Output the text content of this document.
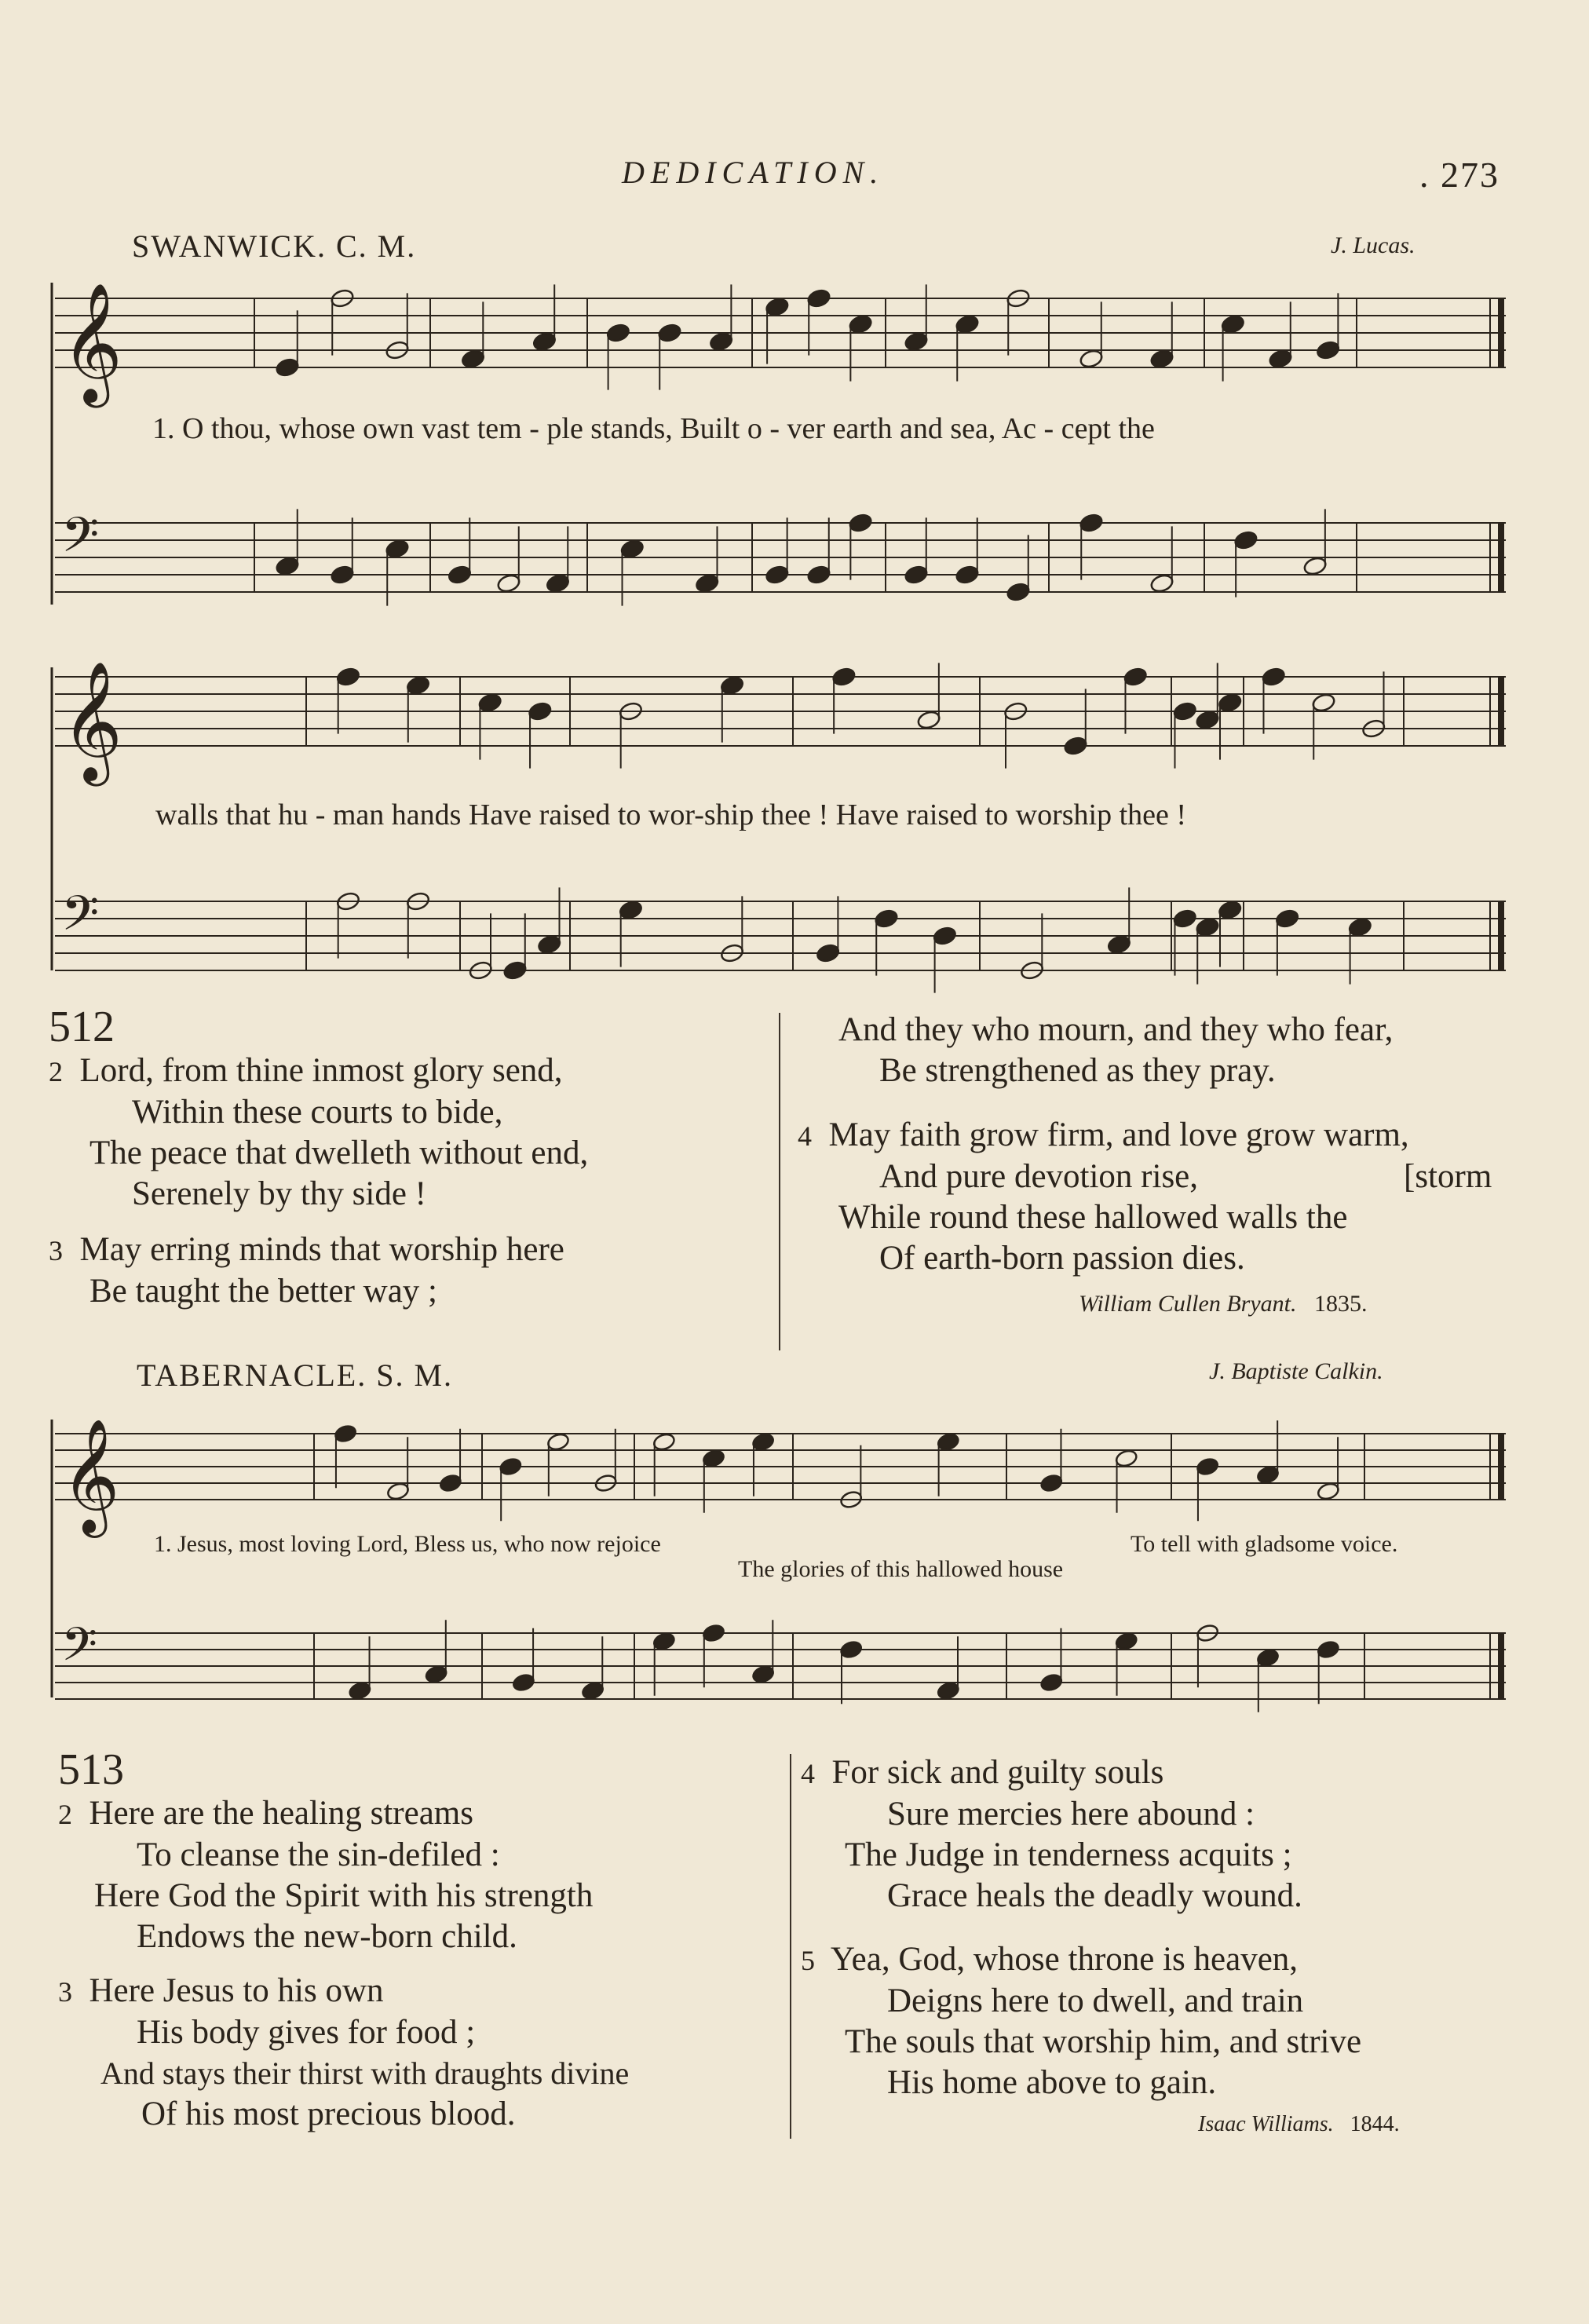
DEDICATION.	. 273
𝄞
𝄢
𝄞
𝄢
𝄞
𝄢
SWANWICK. C. M.	J. Lucas.
1. O thou, whose own vast tem - ple stands, Built o - ver earth and sea, Ac - cept the
walls that hu - man hands Have raised to wor-ship thee ! Have raised to worship thee !
512
2 Lord, from thine inmost glory send,
Within these courts to bide,
The peace that dwelleth without end,
Serenely by thy side !
3 May erring minds that worship here
Be taught the better way ;
And they who mourn, and they who fear,
Be strengthened as they pray.
4 May faith grow firm, and love grow warm,
And pure devotion rise,	[storm
While round these hallowed walls the
Of earth-born passion dies.
William Cullen Bryant. 1835.
TABERNACLE. S. M.	J. Baptiste Calkin.
1. Jesus, most loving Lord, Bless us, who now rejoice	To tell with gladsome voice.
The glories of this hallowed house
513
2 Here are the healing streams
To cleanse the sin-defiled :
Here God the Spirit with his strength
Endows the new-born child.
3 Here Jesus to his own
His body gives for food ;
And stays their thirst with draughts divine
Of his most precious blood.
4 For sick and guilty souls
Sure mercies here abound :
The Judge in tenderness acquits ;
Grace heals the deadly wound.
5 Yea, God, whose throne is heaven,
Deigns here to dwell, and train
The souls that worship him, and strive
His home above to gain.
Isaac Williams. 1844.
